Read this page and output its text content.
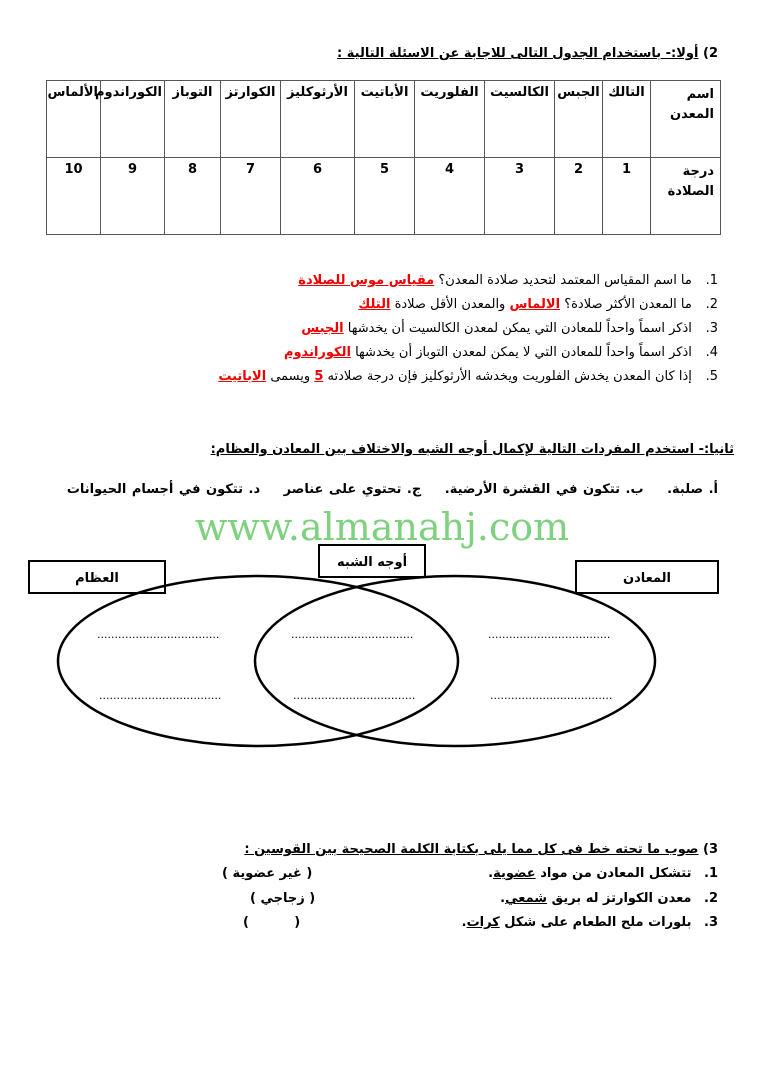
2) أولا:- باستخدام الجدول التالى للاجابة عن الاسئلة التالية :
اسم المعدن	التالك	الجبس	الكالسيت	الفلوريت	الأباتيت	الأرثوكليز	الكوارتز	التوباز	الكوراندوم	الألماس
درجة الصلادة	1	2	3	4	5	6	7	8	9	10
1. ما اسم المقياس المعتمد لتحديد صلادة المعدن؟ مقياس موس للصلادة
2. ما المعدن الأكثر صلادة؟ الالماس والمعدن الأقل صلادة التلك
3. اذكر اسماً واحداً للمعادن التي يمكن لمعدن الكالسيت أن يخدشها الجبس
4. اذكر اسماً واحداً للمعادن التي لا يمكن لمعدن التوباز أن يخدشها الكوراندوم
5. إذا كان المعدن يخدش الفلوريت ويخدشه الأرثوكليز فإن درجة صلادته 5 ويسمى الاباتيت
ثانيا:- استخدم المفردات التالية لإكمال أوجه الشبه والاختلاف بين المعادن والعظام:
أ. صلبة. ب. تتكون في القشرة الأرضية. ج. تحتوي على عناصر د. تتكون في أجسام الحيوانات
www.almanahj.com
العظام
أوجه الشبه
المعادن
...................................	...................................	...................................
...................................	...................................	...................................
3) صوب ما تحته خط فى كل مما يلى بكتابة الكلمة الصحيحة بين القوسين :
1. تتشكل المعادن من مواد عضوية.
( غير عضوية )
2. معدن الكوارتز له بريق شمعي.
( زجاجي )
3. بلورات ملح الطعام على شكل كرات.
(          )
